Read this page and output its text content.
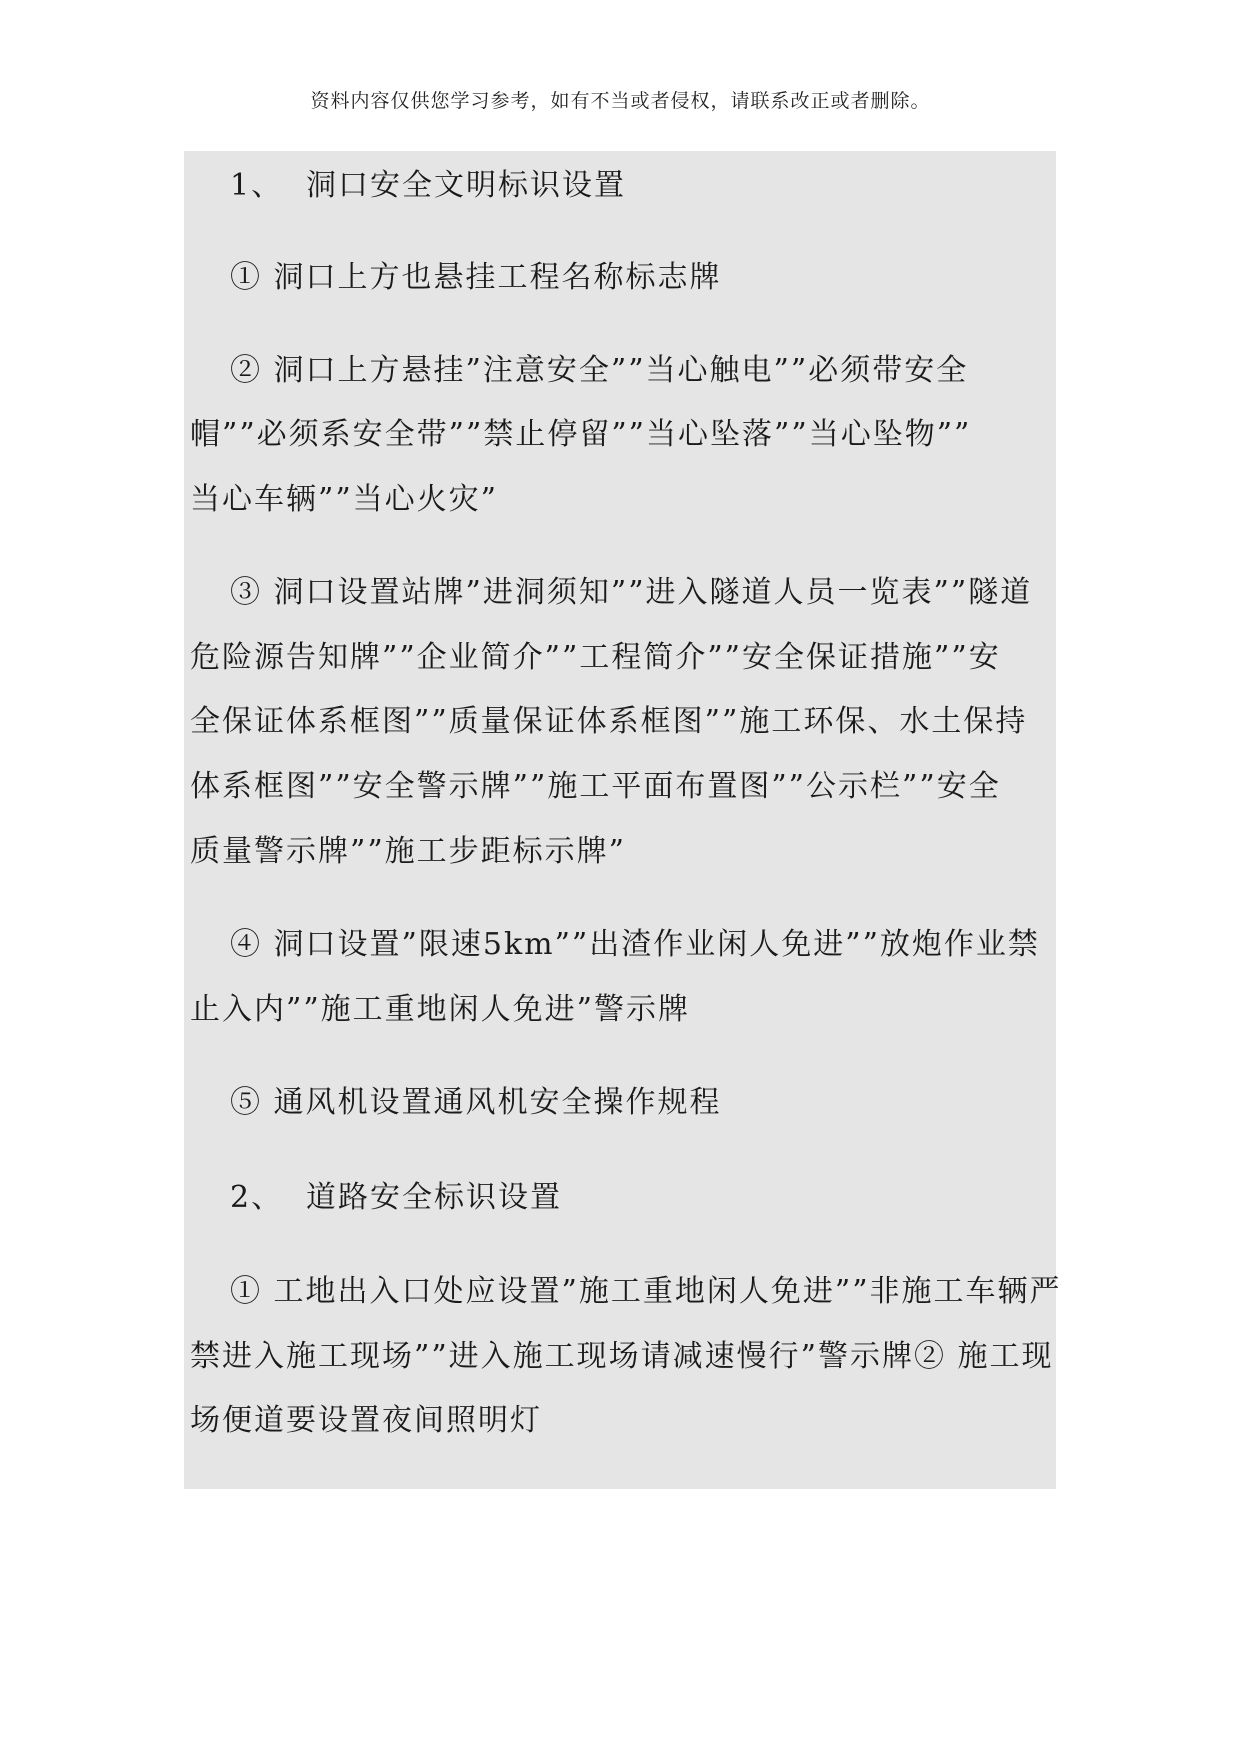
资料内容仅供您学习参考，如有不当或者侵权，请联系改正或者删除。
1、 洞口安全文明标识设置
① 洞口上方也悬挂工程名称标志牌
② 洞口上方悬挂”注意安全””当心触电””必须带安全
帽””必须系安全带””禁止停留””当心坠落””当心坠物””
当心车辆””当心火灾”
③ 洞口设置站牌”进洞须知””进入隧道人员一览表””隧道
危险源告知牌””企业简介””工程简介””安全保证措施””安
全保证体系框图””质量保证体系框图””施工环保、水土保持
体系框图””安全警示牌””施工平面布置图””公示栏””安全
质量警示牌””施工步距标示牌”
④ 洞口设置”限速5km””出渣作业闲人免进””放炮作业禁
止入内””施工重地闲人免进”警示牌
⑤ 通风机设置通风机安全操作规程
2、 道路安全标识设置
① 工地出入口处应设置”施工重地闲人免进””非施工车辆严
禁进入施工现场””进入施工现场请减速慢行”警示牌② 施工现
场便道要设置夜间照明灯
